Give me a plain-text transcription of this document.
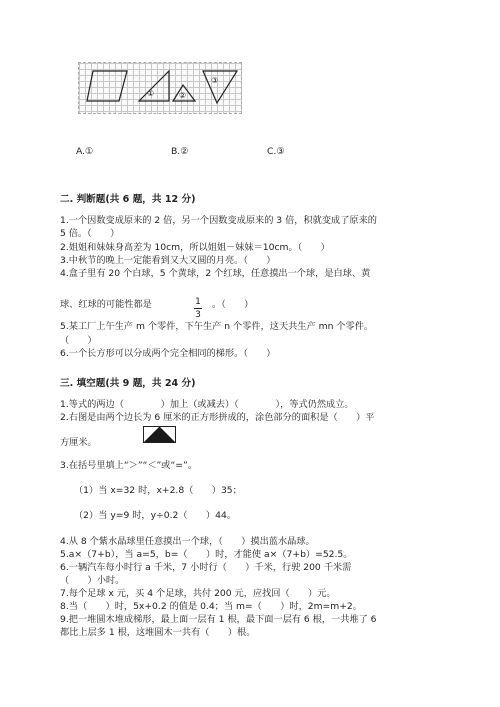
①	②
③
A.①	B.②	C.③
二. 判断题(共 6 题，共 12 分)
1.一个因数变成原来的 2 倍，另一个因数变成原来的 3 倍，积就变成了原来的
5 倍。（　　）
2.姐姐和妹妹身高差为 10cm，所以姐姐－妹妹＝10cm。（　　）
3.中秋节的晚上一定能看到又大又圆的月亮。（　　）
4.盒子里有 20 个白球，5 个黄球，2 个红球，任意摸出一个球，是白球、黄
球、红球的可能性都是	1
3
。（　　）
5.某工厂上午生产 m 个零件，下午生产 n 个零件，这天共生产 mn 个零件。
（　　）
6.一个长方形可以分成两个完全相同的梯形。（　　）
三. 填空题(共 9 题，共 24 分)
1.等式的两边（　　　　）加上（或减去）（　　　　），等式仍然成立。
2.右图是由两个边长为 6 厘米的正方形拼成的，涂色部分的面积是（　　）平
方厘米。
3.在括号里填上“＞”“＜”或“=”。
（1）当 x=32 时，x+2.8（　　）35；
（2）当 y=9 时，y÷0.2（　　）44。
4.从 8 个紫水晶球里任意摸出一个球，（　　）摸出蓝水晶球。
5.a×（7+b），当 a=5，b=（　　）时，才能使 a×（7+b）=52.5。
6.一辆汽车每小时行 a 千米，7 小时行（　　）千米，行驶 200 千米需
（　　）小时。
7.每个足球 x 元，买 4 个足球，共付 200 元，应找回（　　）元。
8.当（　　）时，5x+0.2 的值是 0.4；当 m=（　　）时，2m=m+2。
9.把一堆圆木堆成梯形，最上面一层有 1 根，最下面一层有 6 根，一共堆了 6
都比上层多 1 根，这堆圆木一共有（　　）根。
